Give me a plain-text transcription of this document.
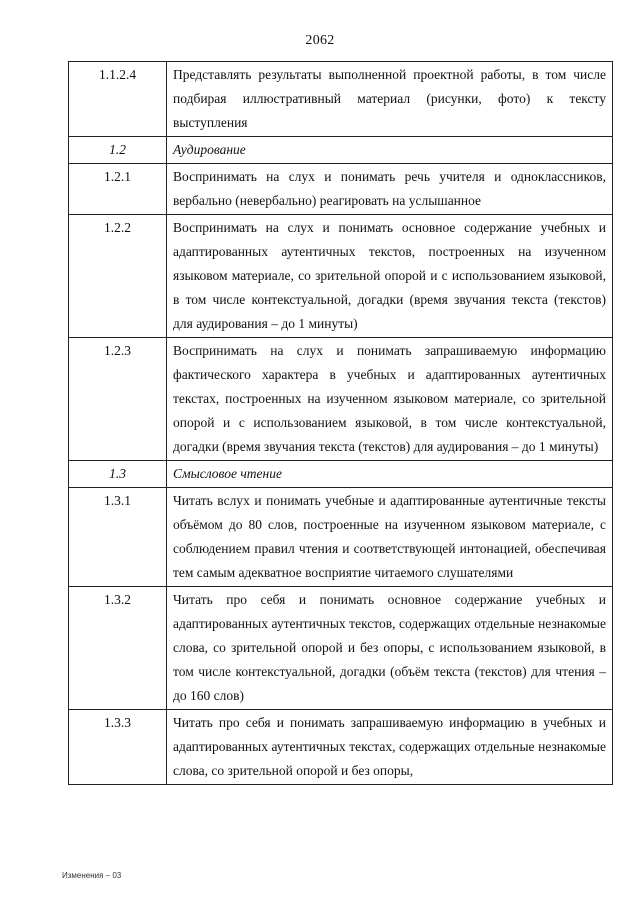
2062
1.1.2.4	Представлять результаты выполненной проектной работы, в том числе подбирая иллюстративный материал (рисунки, фото) к тексту выступления
1.2	Аудирование
1.2.1	Воспринимать на слух и понимать речь учителя и одноклассников, вербально (невербально) реагировать на услышанное
1.2.2	Воспринимать на слух и понимать основное содержание учебных и адаптированных аутентичных текстов, построенных на изученном языковом материале, со зрительной опорой и с использованием языковой, в том числе контекстуальной, догадки (время звучания текста (текстов) для аудирования – до 1 минуты)
1.2.3	Воспринимать на слух и понимать запрашиваемую информацию фактического характера в учебных и адаптированных аутентичных текстах, построенных на изученном языковом материале, со зрительной опорой и с использованием языковой, в том числе контекстуальной, догадки (время звучания текста (текстов) для аудирования – до 1 минуты)
1.3	Смысловое чтение
1.3.1	Читать вслух и понимать учебные и адаптированные аутентичные тексты объёмом до 80 слов, построенные на изученном языковом материале, с соблюдением правил чтения и соответствующей интонацией, обеспечивая тем самым адекватное восприятие читаемого слушателями
1.3.2	Читать про себя и понимать основное содержание учебных и адаптированных аутентичных текстов, содержащих отдельные незнакомые слова, со зрительной опорой и без опоры, с использованием языковой, в том числе контекстуальной, догадки (объём текста (текстов) для чтения – до 160 слов)
1.3.3	Читать про себя и понимать запрашиваемую информацию в учебных и адаптированных аутентичных текстах, содержащих отдельные незнакомые слова, со зрительной опорой и без опоры,
Изменения – 03
